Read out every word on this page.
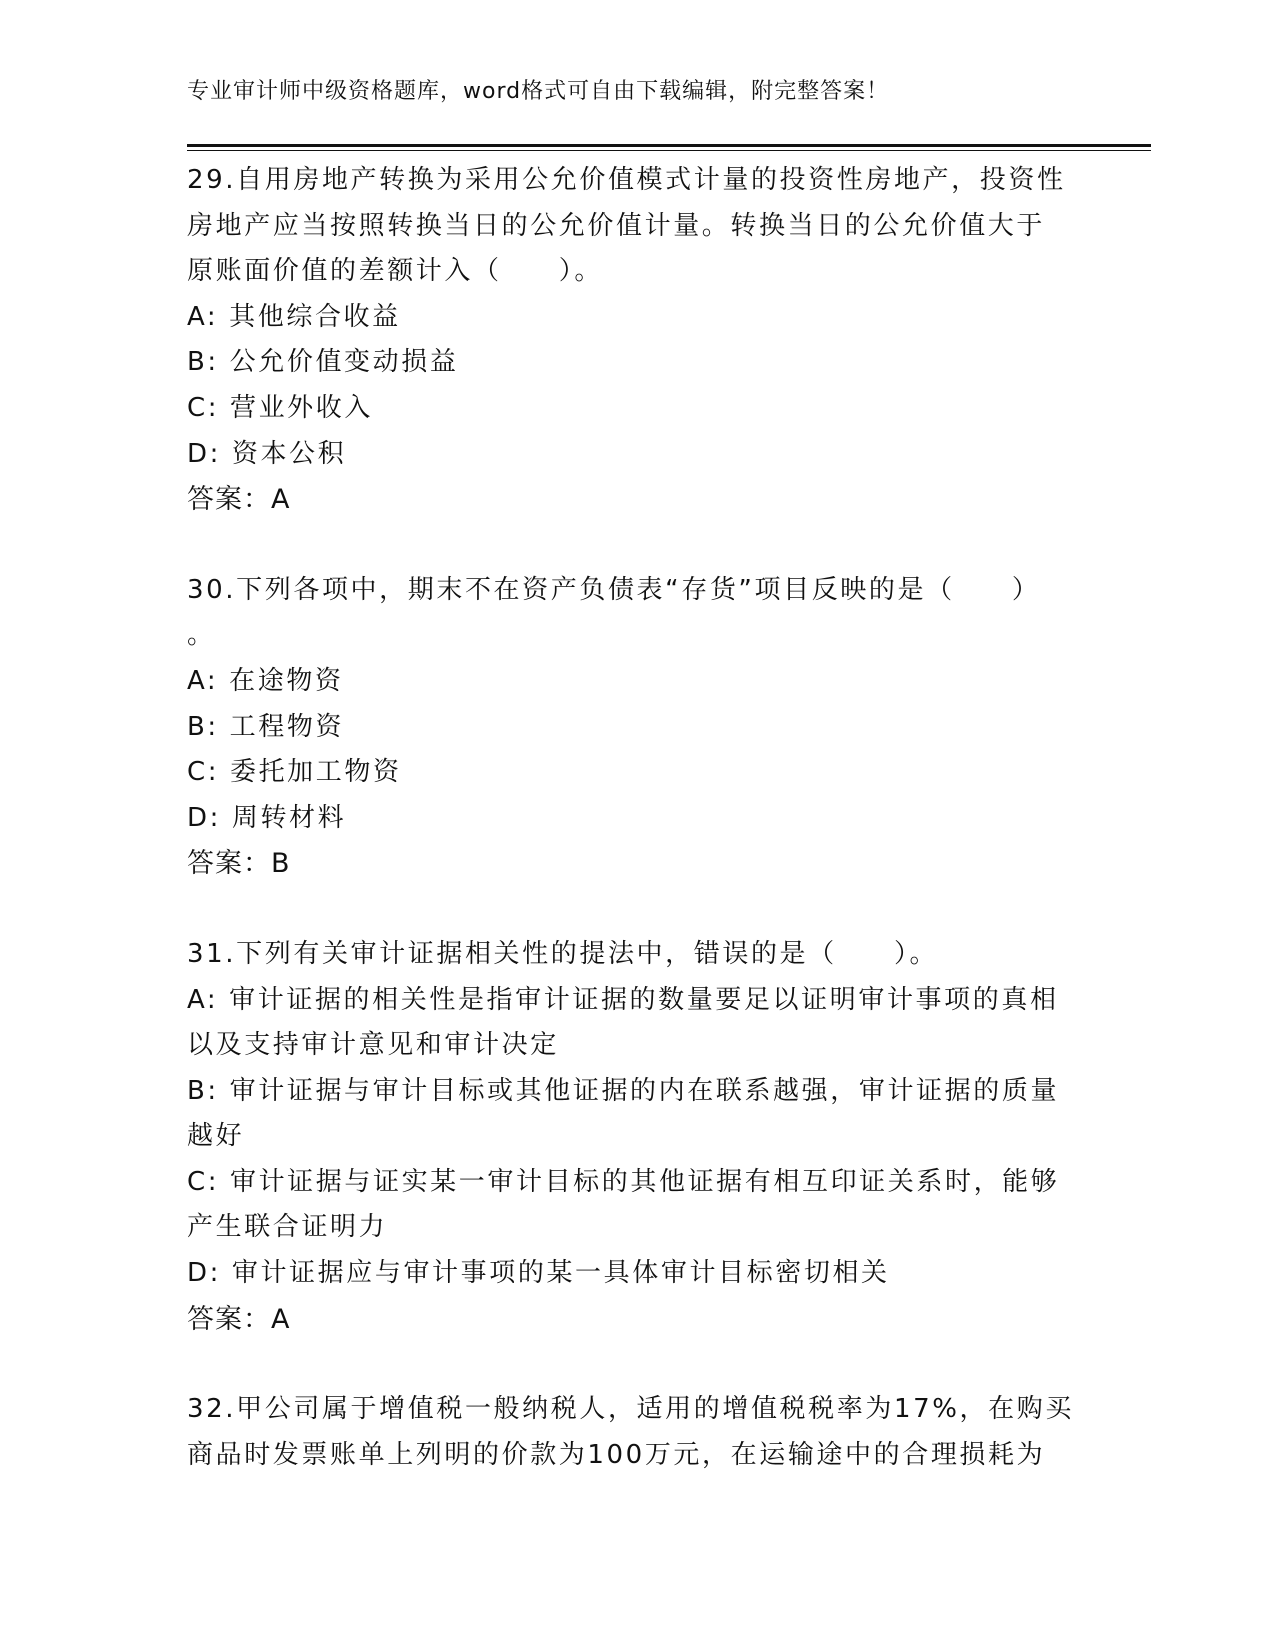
专业审计师中级资格题库，word格式可自由下载编辑，附完整答案！
29.自用房地产转换为采用公允价值模式计量的投资性房地产，投资性
房地产应当按照转换当日的公允价值计量。转换当日的公允价值大于
原账面价值的差额计入（　　）。
A: 其他综合收益
B: 公允价值变动损益
C: 营业外收入
D: 资本公积
答案：A
30.下列各项中，期末不在资产负债表“存货”项目反映的是（　　）
。
A: 在途物资
B: 工程物资
C: 委托加工物资
D: 周转材料
答案：B
31.下列有关审计证据相关性的提法中，错误的是（　　）。
A: 审计证据的相关性是指审计证据的数量要足以证明审计事项的真相
以及支持审计意见和审计决定
B: 审计证据与审计目标或其他证据的内在联系越强，审计证据的质量
越好
C: 审计证据与证实某一审计目标的其他证据有相互印证关系时，能够
产生联合证明力
D: 审计证据应与审计事项的某一具体审计目标密切相关
答案：A
32.甲公司属于增值税一般纳税人，适用的增值税税率为17%，在购买
商品时发票账单上列明的价款为100万元，在运输途中的合理损耗为
